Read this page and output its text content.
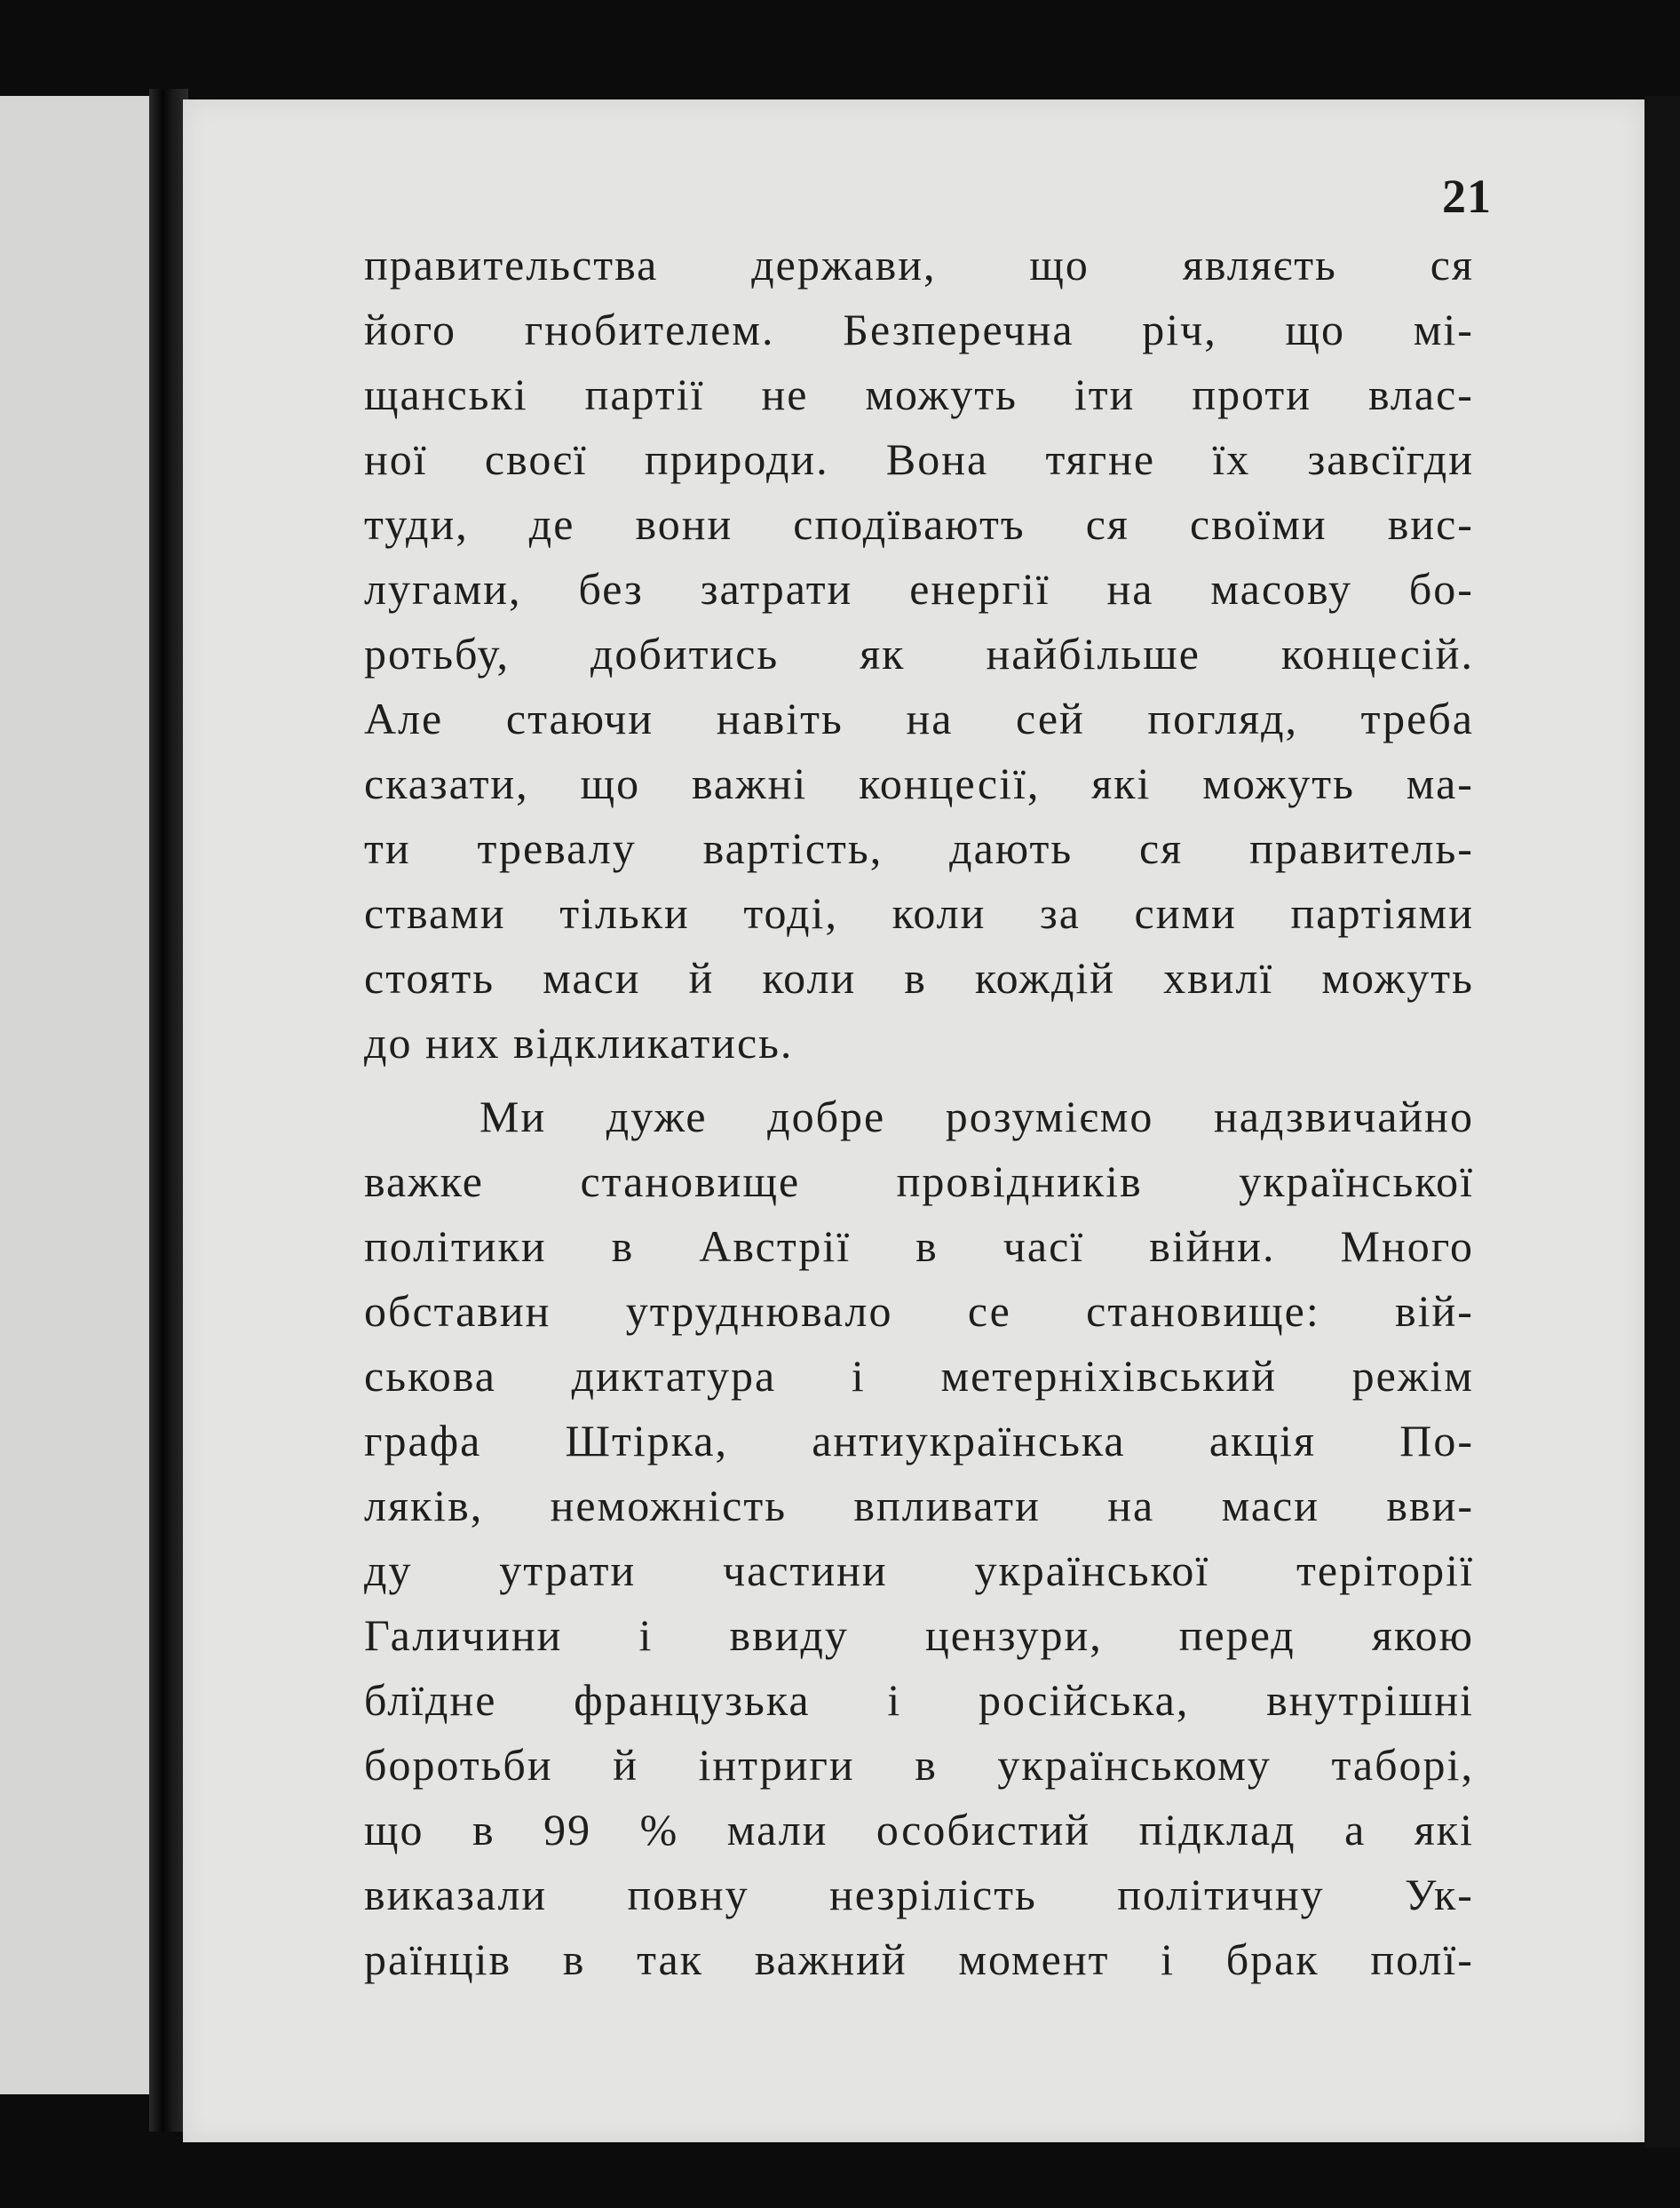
21
правительства держави, що являєть ся
його гнобителем. Безперечна річ, що мі-
щанські партії не можуть іти проти влас-
ної своєї природи. Вона тягне їх завсїгди
туди, де вони сподїваютъ ся своїми вис-
лугами, без затрати енергії на масову бо-
ротьбу, добитись як найбільше концесій.
Але стаючи навіть на сей погляд, треба
сказати, що важні концесії, які можуть ма-
ти тревалу вартість, дають ся правитель-
ствами тільки тоді, коли за сими партіями
стоять маси й коли в кождій хвилї можуть
до них відкликатись.
Ми дуже добре розуміємо надзвичайно
важке становище провідників української
політики в Австрії в часї війни. Много
обставин утруднювало се становище: вій-
ськова диктатура і метерніхівський режім
графа Штірка, антиукраїнська акція По-
ляків, неможність впливати на маси вви-
ду утрати частини української теріторії
Галичини і ввиду цензури, перед якою
блїдне французька і російська, внутрішні
боротьби й інтриги в українському таборі,
що в 99 % мали особистий підклад а які
виказали повну незрілість політичну Ук-
раїнців в так важний момент і брак полї-
